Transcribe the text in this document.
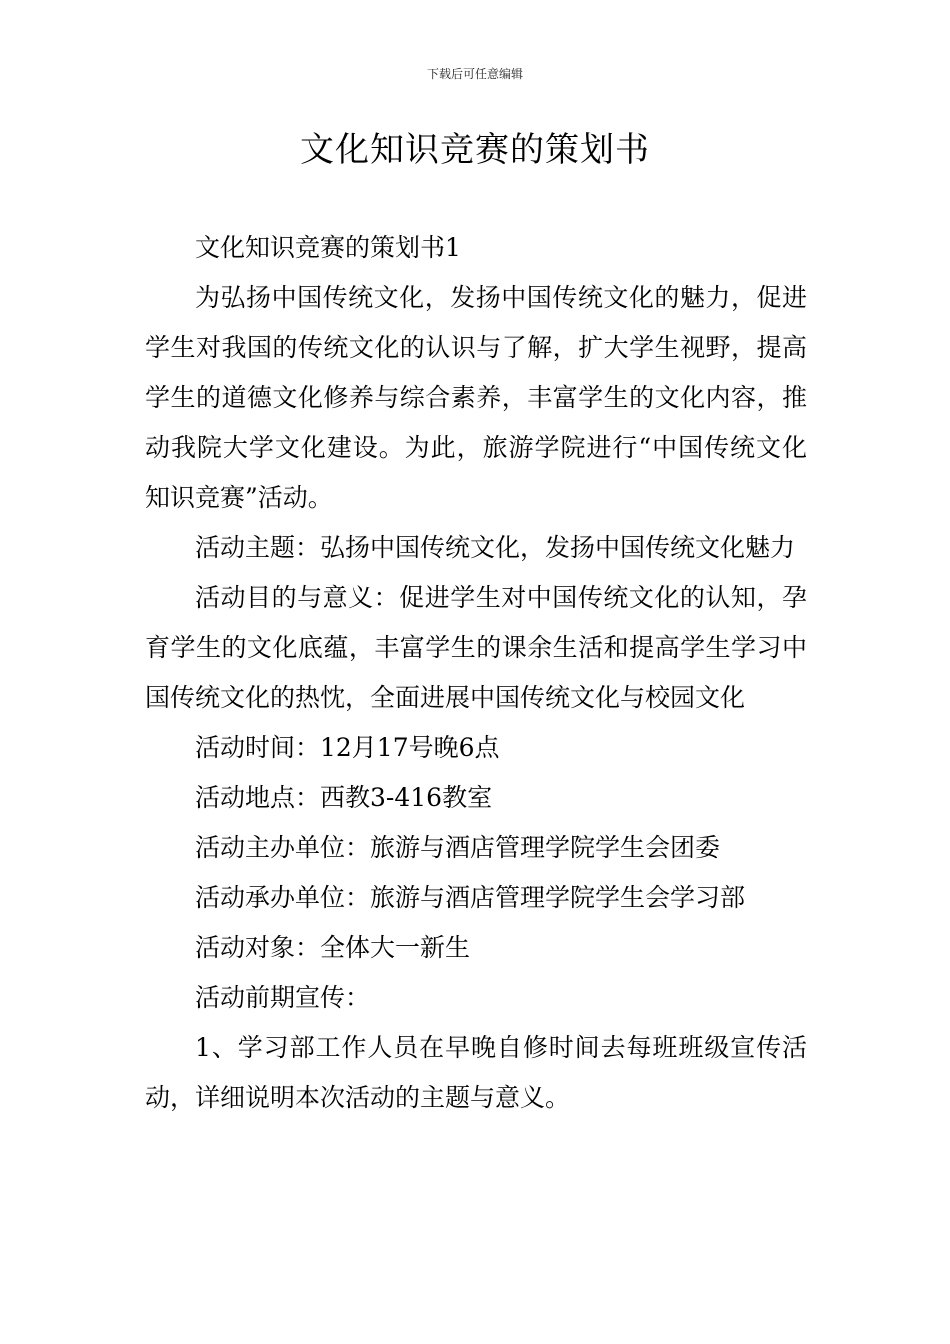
下载后可任意编辑
文化知识竞赛的策划书

文化知识竞赛的策划书1

为弘扬中国传统文化，发扬中国传统文化的魅力，促进学生对我国的传统文化的认识与了解，扩大学生视野，提高学生的道德文化修养与综合素养，丰富学生的文化内容，推动我院大学文化建设。为此，旅游学院进行“中国传统文化知识竞赛”活动。

活动主题：弘扬中国传统文化，发扬中国传统文化魅力

活动目的与意义：促进学生对中国传统文化的认知，孕育学生的文化底蕴，丰富学生的课余生活和提高学生学习中国传统文化的热忱，全面进展中国传统文化与校园文化

活动时间：12月17号晚6点

活动地点：西教3-416教室

活动主办单位：旅游与酒店管理学院学生会团委

活动承办单位：旅游与酒店管理学院学生会学习部

活动对象：全体大一新生

活动前期宣传：

1、学习部工作人员在早晚自修时间去每班班级宣传活动，详细说明本次活动的主题与意义。
